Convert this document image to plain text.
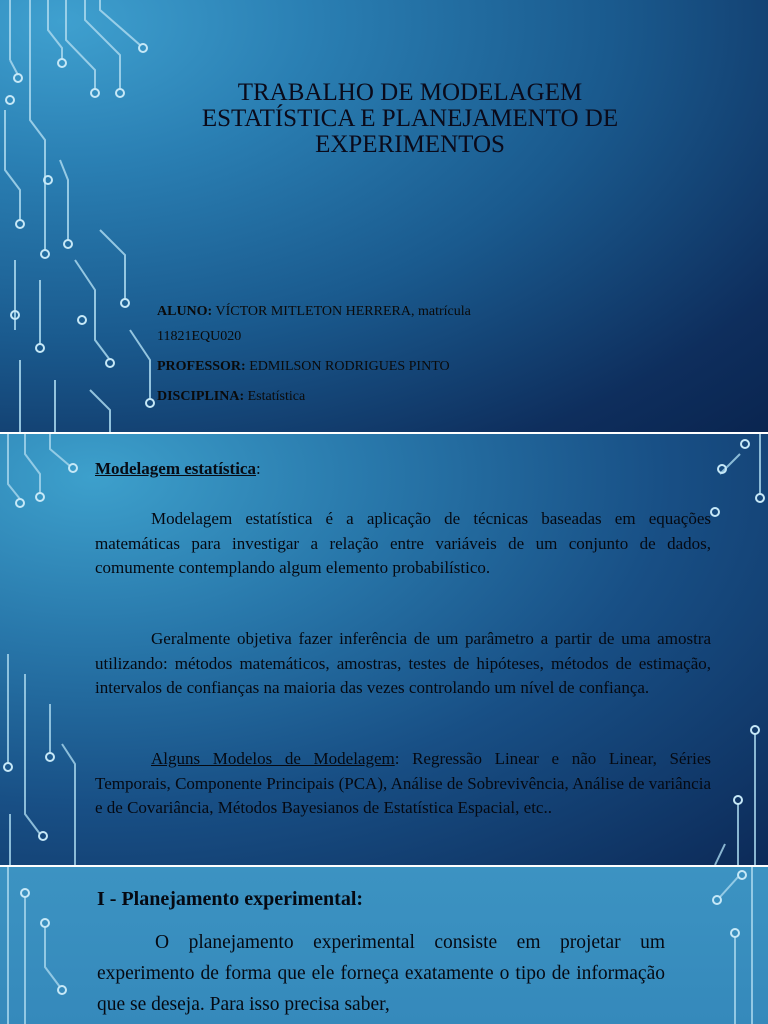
TRABALHO DE MODELAGEM
ESTATÍSTICA E PLANEJAMENTO DE
EXPERIMENTOS
ALUNO: VÍCTOR MITLETON HERRERA, matrícula
11821EQU020
PROFESSOR: EDMILSON RODRIGUES PINTO
DISCIPLINA: Estatística
Modelagem estatística:
Modelagem estatística é a aplicação de técnicas baseadas em equações matemáticas para investigar a relação entre variáveis de um conjunto de dados, comumente contemplando algum elemento probabilístico.
Geralmente objetiva fazer inferência de um parâmetro a partir de uma amostra utilizando: métodos matemáticos, amostras, testes de hipóteses, métodos de estimação, intervalos de confianças na maioria das vezes controlando um nível de confiança.
Alguns Modelos de Modelagem: Regressão Linear e não Linear, Séries Temporais, Componente Principais (PCA), Análise de Sobrevivência, Análise de variância e de Covariância, Métodos Bayesianos de Estatística Espacial, etc..
I - Planejamento experimental:
O planejamento experimental consiste em projetar um experimento de forma que ele forneça exatamente o tipo de informação que se deseja. Para isso precisa saber,
